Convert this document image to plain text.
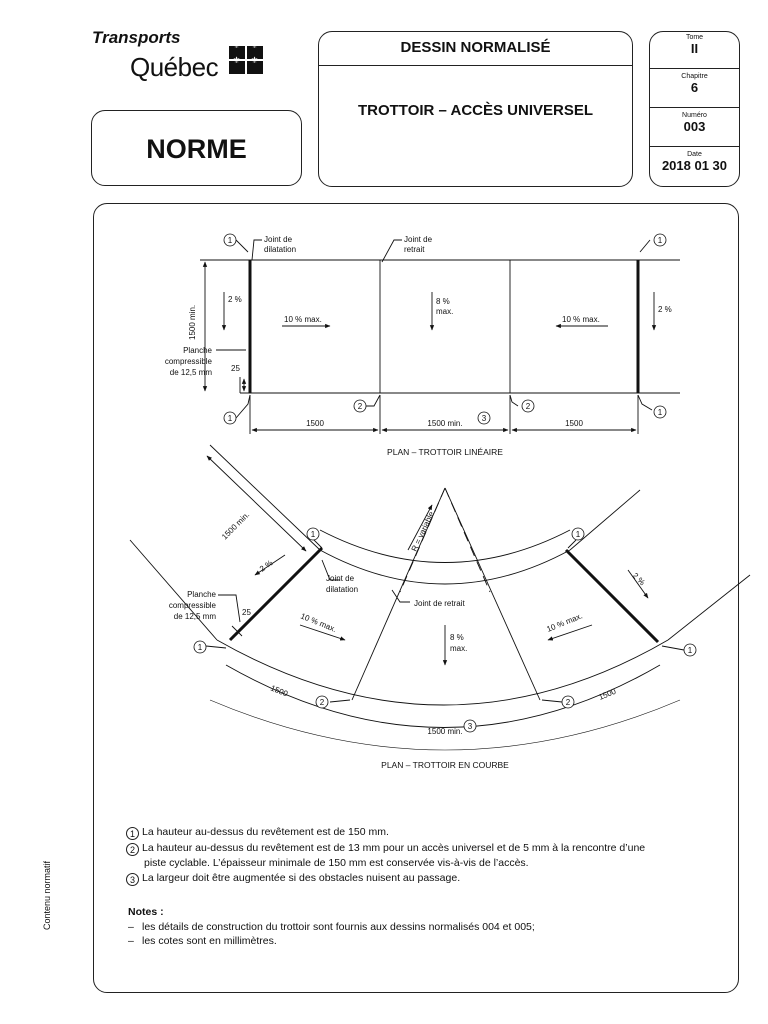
Transports
Québec ⚜⚜
⚜⚜
NORME
DESSIN NORMALISÉ
TROTTOIR – ACCÈS UNIVERSEL
Tome
II
Chapitre
6
Numéro
003
Date
2018 01 30
Joint de
dilatation
Joint de
retrait
1500 min.
2 %
10 % max.
8 %
max.
10 % max.
2 %
Planche
compressible
de 12,5 mm 25
1500	1500 min.	1500
PLAN – TROTTOIR LINÉAIRE
1500 min.	R = variable
2 %
10 % max.
8 %
max.
10 % max.
2 %
Joint de
dilatation
Joint de retrait
Planche
compressible
de 12,5 mm	25
1500
1500 min.
1500
PLAN – TROTTOIR EN COURBE
1	1
1
2	2
1
3
1	1
1	1
2	2
3
1 La hauteur au-dessus du revêtement est de 150 mm.
2 La hauteur au-dessus du revêtement est de 13 mm pour un accès universel et de 5 mm à la rencontre d’une
piste cyclable. L’épaisseur minimale de 150 mm est conservée vis-à-vis de l’accès.
3 La largeur doit être augmentée si des obstacles nuisent au passage.
Notes :
– les détails de construction du trottoir sont fournis aux dessins normalisés 004 et 005;
– les cotes sont en millimètres.
Contenu normatif
